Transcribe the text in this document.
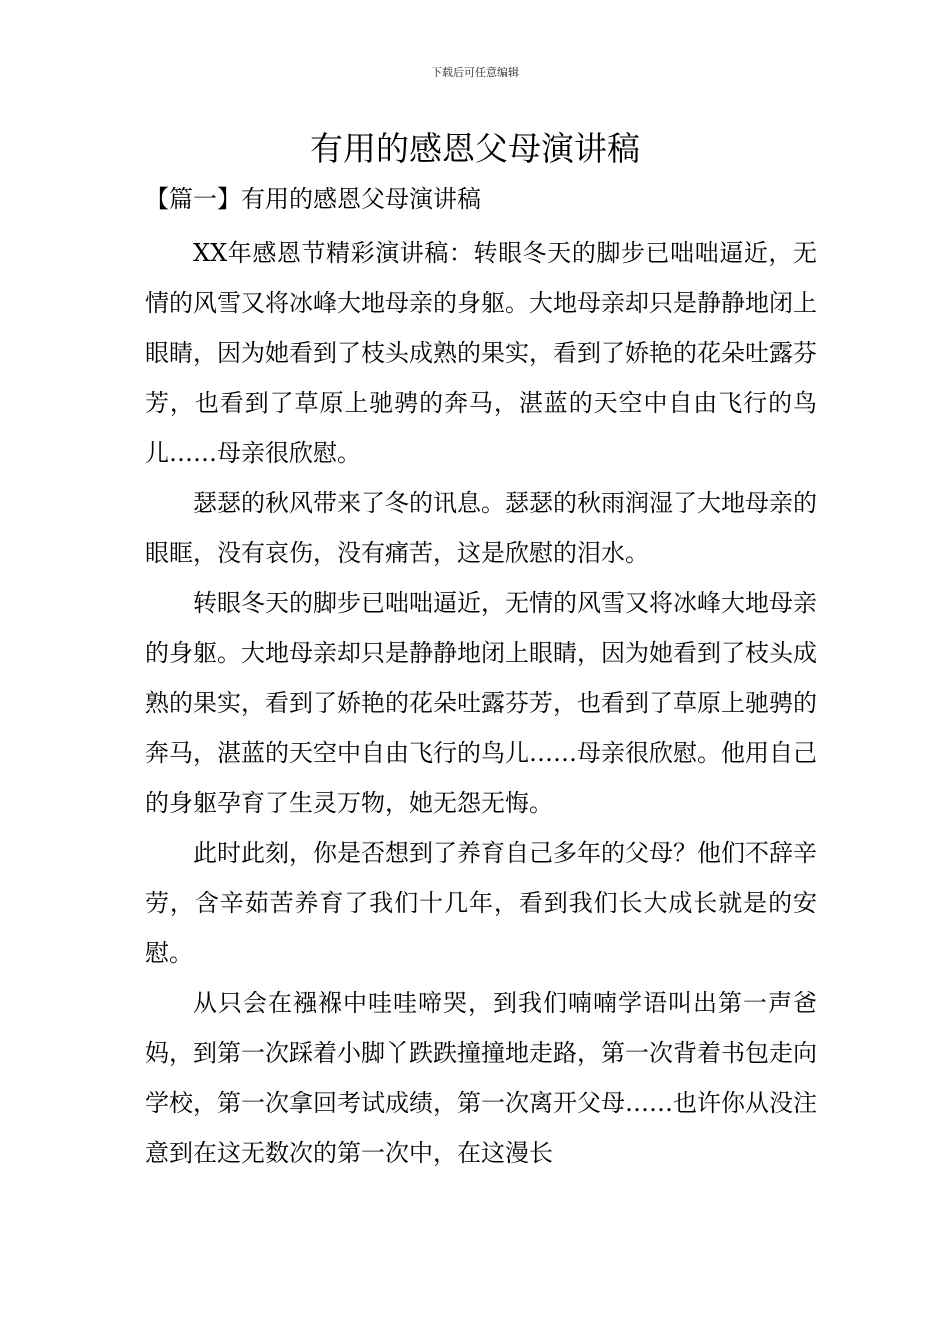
下载后可任意编辑
有用的感恩父母演讲稿

【篇一】有用的感恩父母演讲稿

XX年感恩节精彩演讲稿：转眼冬天的脚步已咄咄逼近，无情的风雪又将冰峰大地母亲的身躯。大地母亲却只是静静地闭上眼睛，因为她看到了枝头成熟的果实，看到了娇艳的花朵吐露芬芳，也看到了草原上驰骋的奔马，湛蓝的天空中自由飞行的鸟儿……母亲很欣慰。

瑟瑟的秋风带来了冬的讯息。瑟瑟的秋雨润湿了大地母亲的眼眶，没有哀伤，没有痛苦，这是欣慰的泪水。

转眼冬天的脚步已咄咄逼近，无情的风雪又将冰峰大地母亲的身躯。大地母亲却只是静静地闭上眼睛，因为她看到了枝头成熟的果实，看到了娇艳的花朵吐露芬芳，也看到了草原上驰骋的奔马，湛蓝的天空中自由飞行的鸟儿……母亲很欣慰。他用自己的身躯孕育了生灵万物，她无怨无悔。

此时此刻，你是否想到了养育自己多年的父母？他们不辞辛劳，含辛茹苦养育了我们十几年，看到我们长大成长就是的安慰。

从只会在襁褓中哇哇啼哭，到我们喃喃学语叫出第一声爸妈，到第一次踩着小脚丫跌跌撞撞地走路，第一次背着书包走向学校，第一次拿回考试成绩，第一次离开父母……也许你从没注意到在这无数次的第一次中，在这漫长
